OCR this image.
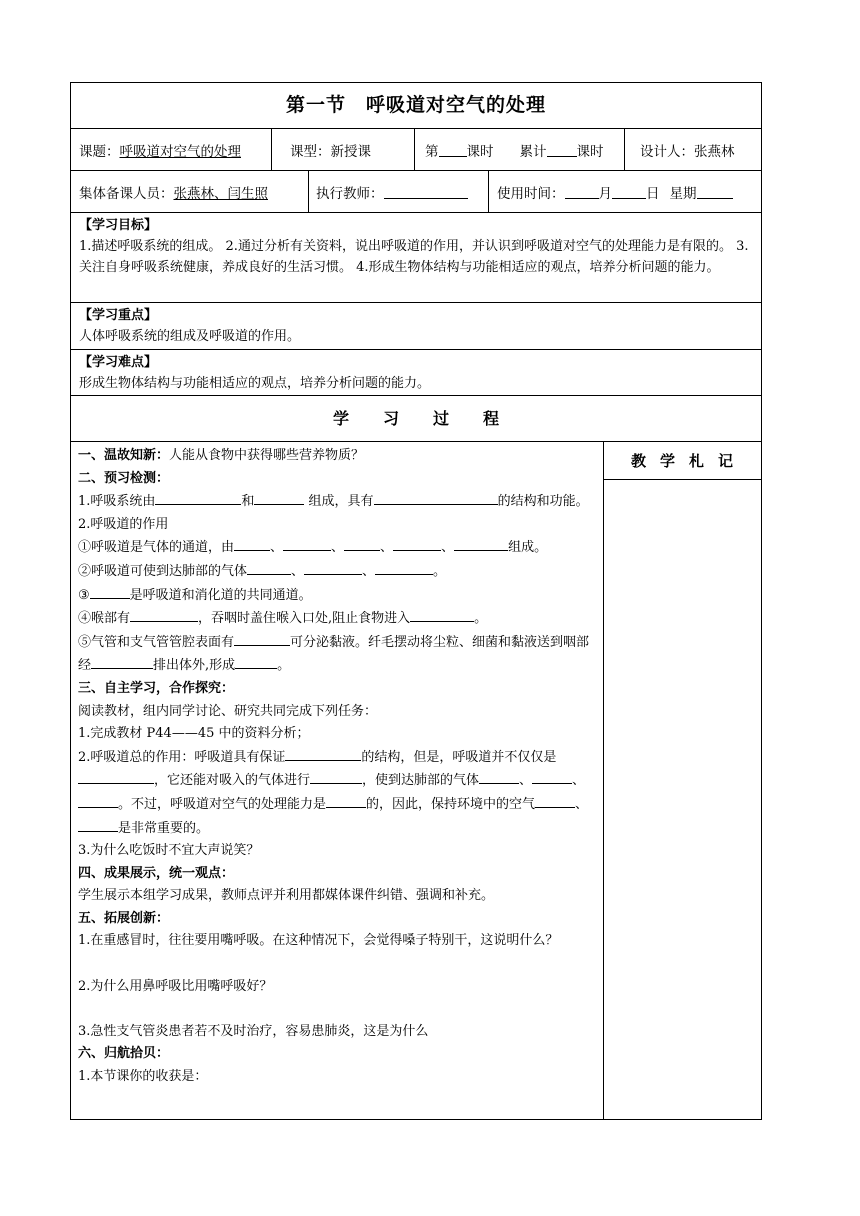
第一节　呼吸道对空气的处理
课题： 呼吸道对空气的处理	课型：新授课	第 课时 累计 课时	设计人：张燕林
集体备课人员： 张燕林、闫生照	执行教师：	使用时间：	月	日 星期
【学习目标】
1.描述呼吸系统的组成。 2.通过分析有关资料，说出呼吸道的作用，并认识到呼吸道对空气的处理能力是有限的。 3. 关注自身呼吸系统健康，养成良好的生活习惯。 4.形成生物体结构与功能相适应的观点，培养分析问题的能力。
【学习重点】
人体呼吸系统的组成及呼吸道的作用。
【学习难点】
形成生物体结构与功能相适应的观点，培养分析问题的能力。
学习过程
教学札记

一、温故知新：人能从食物中获得哪些营养物质？

二、预习检测：

1.呼吸系统由	和	组成，具有	的结构和功能。

2.呼吸道的作用

①呼吸道是气体的通道，由	、	、	、	、	组成。

②呼吸道可使到达肺部的气体	、	、	。

③	是呼吸道和消化道的共同通道。

④喉部有	，吞咽时盖住喉入口处,阻止食物进入	。

⑤气管和支气管管腔表面有	可分泌黏液。纤毛摆动将尘粒、细菌和黏液送到咽部经	排出体外,形成	。

三、自主学习，合作探究：

阅读教材，组内同学讨论、研究共同完成下列任务：

1.完成教材 P44——45 中的资料分析；

2.呼吸道总的作用：呼吸道具有保证	的结构，但是，呼吸道并不仅仅是，它还能对吸入的气体进行	，使到达肺部的气体	、	、。不过，呼吸道对空气的处理能力是	的，因此，保持环境中的空气	、是非常重要的。

3.为什么吃饭时不宜大声说笑？

四、成果展示，统一观点：

学生展示本组学习成果，教师点评并利用都媒体课件纠错、强调和补充。

五、拓展创新：

1.在重感冒时，往往要用嘴呼吸。在这种情况下，会觉得嗓子特别干，这说明什么？

2.为什么用鼻呼吸比用嘴呼吸好？

3.急性支气管炎患者若不及时治疗，容易患肺炎，这是为什么

六、归航拾贝：

1.本节课你的收获是：
